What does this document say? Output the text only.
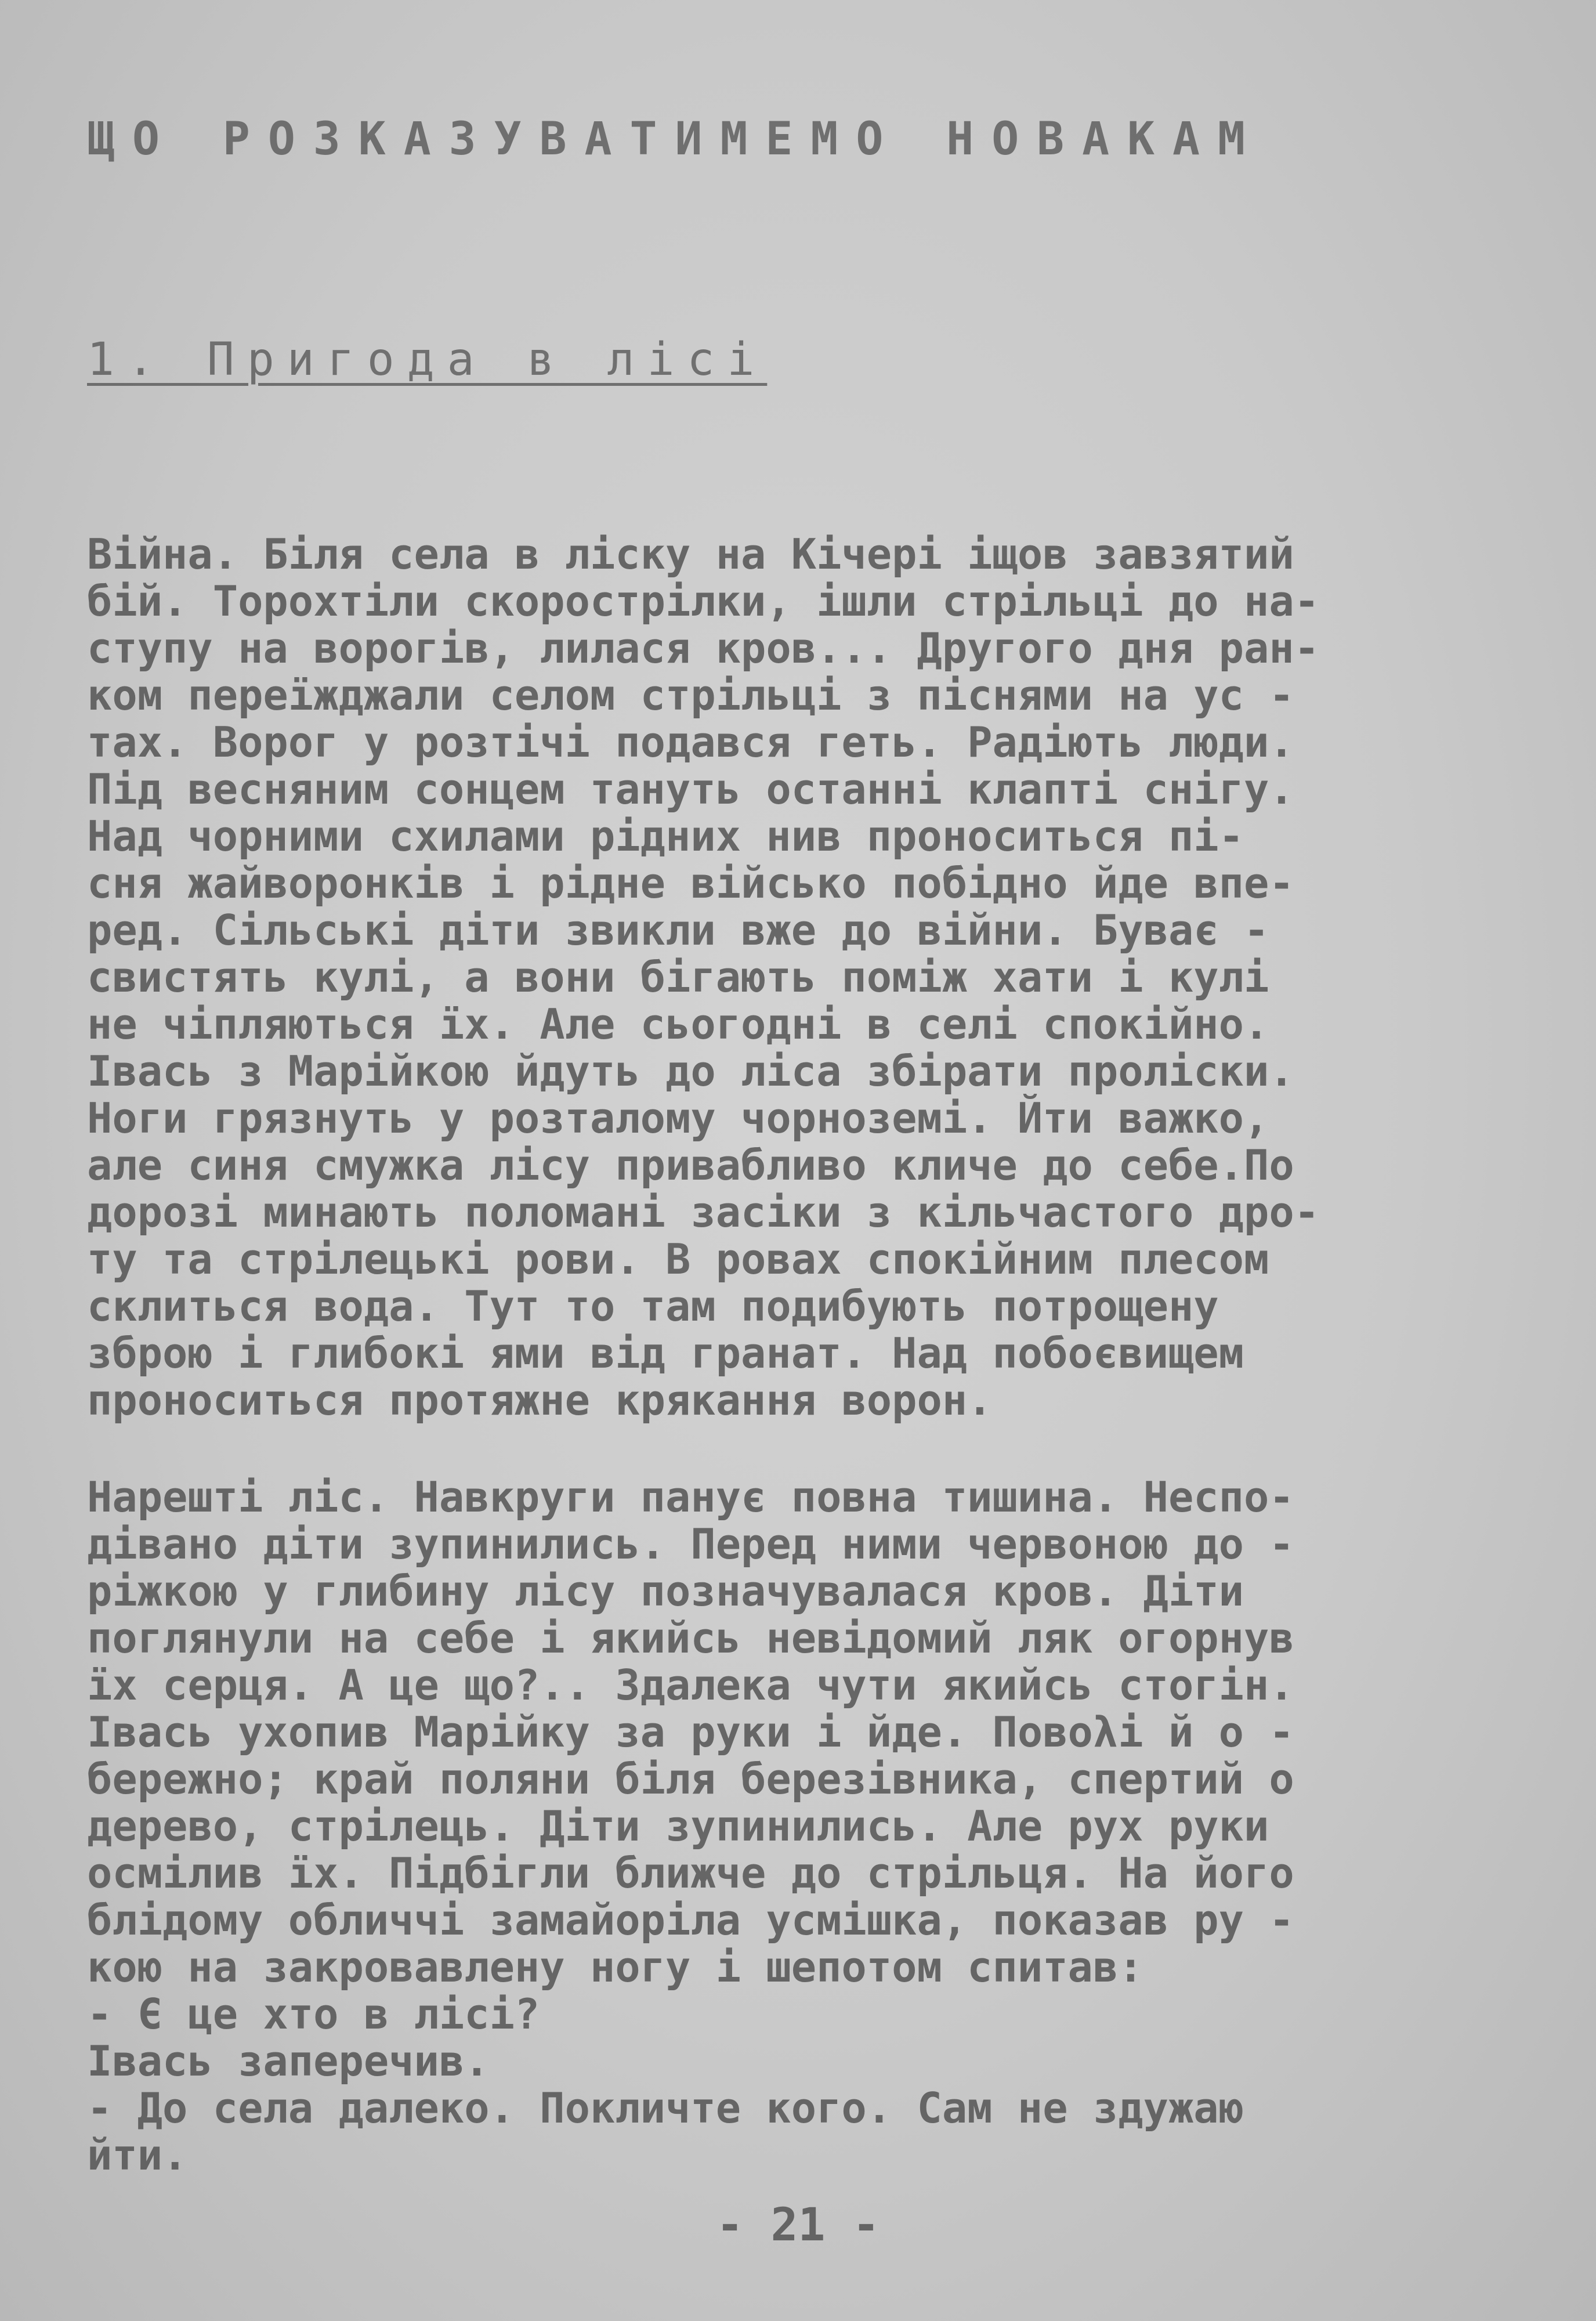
ЩО РОЗКАЗУВАТИМЕМО НОВАКАМ
1. Пригода в лісі
Війна. Біля села в ліску на Кічері іщов завзятий
бій. Торохтіли скорострілки, ішли стрільці до на-
ступу на ворогів, лилася кров... Другого дня ран-
ком переїжджали селом стрільці з піснями на ус -
тах. Ворог у розтічі подався геть. Радіють люди.
Під весняним сонцем тануть останні клапті снігу.
Над чорними схилами рідних нив проноситься пі-
сня жайворонків і рідне військо побідно йде впе-
ред. Сільські діти звикли вже до війни. Буває -
свистять кулі, а вони бігають поміж хати і кулі
не чіпляються їх. Але сьогодні в селі спокійно.
Івась з Марійкою йдуть до ліса збірати проліски.
Ноги грязнуть у розталому чорноземі. Йти важко,
але синя смужка лісу привабливо кличе до себе.По
дорозі минають поломані засіки з кільчастого дро-
ту та стрілецькі рови. В ровах спокійним плесом
склиться вода. Тут то там подибують потрощену
зброю і глибокі ями від гранат. Над побоєвищем
проноситься протяжне крякання ворон.
Нарешті ліс. Навкруги панує повна тишина. Неспо-
дівано діти зупинились. Перед ними червоною до -
ріжкою у глибину лісу позначувалася кров. Діти
поглянули на себе і якийсь невідомий ляк огорнув
їх серця. А це що?.. Здалека чути якийсь стогін.
Івась ухопив Марійку за руки і йде. Повολі й о -
бережно; край поляни біля березівника, спертий о
дерево, стрілець. Діти зупинились. Але рух руки
осмілив їх. Підбігли ближче до стрільця. На його
блідому обличчі замайоріла усмішка, показав ру -
кою на закровавлену ногу і шепотом спитав:
- Є це хто в лісі?
Івась заперечив.
- До села далеко. Покличте кого. Сам не здужаю
йти.
- 21 -
